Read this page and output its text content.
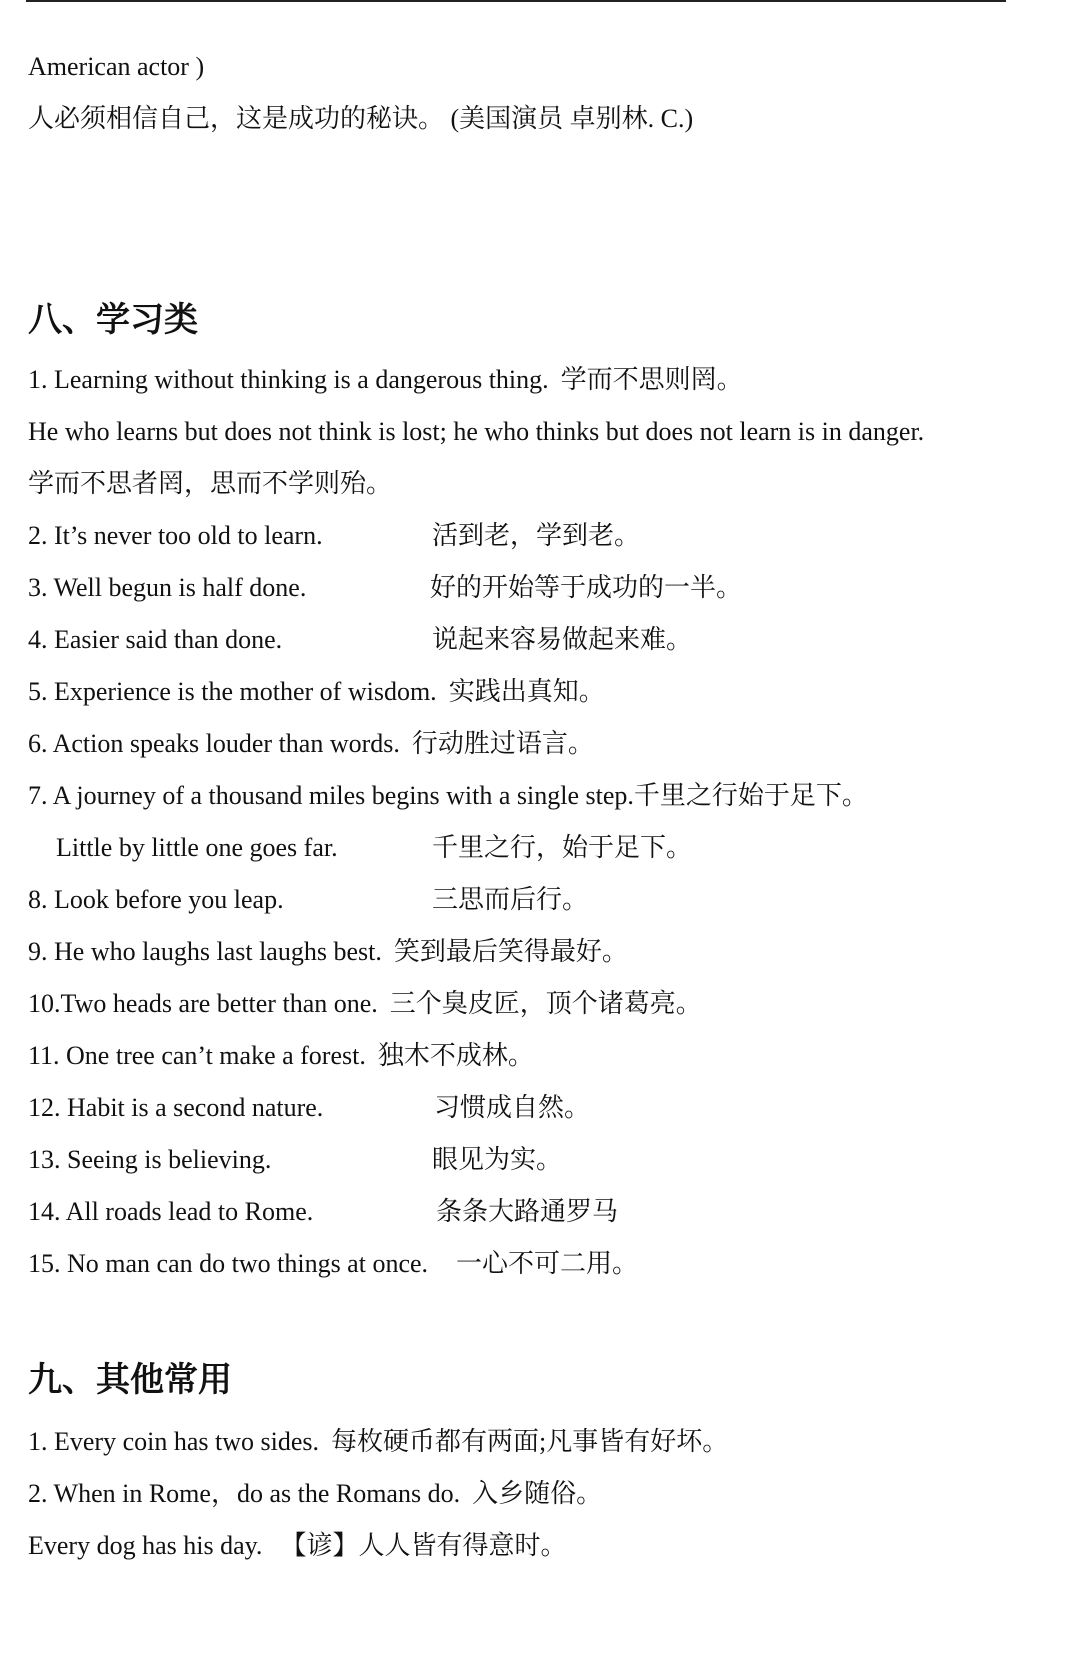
American actor )
人必须相信自己，这是成功的秘诀。 (美国演员 卓别林. C.)
八、学习类
1. Learning without thinking is a dangerous thing. 学而不思则罔。
He who learns but does not think is lost; he who thinks but does not learn is in danger.
学而不思者罔，思而不学则殆。
2. It’s never too old to learn.	活到老，学到老。
3. Well begun is half done.	好的开始等于成功的一半。
4. Easier said than done.	说起来容易做起来难。
5. Experience is the mother of wisdom. 实践出真知。
6. Action speaks louder than words. 行动胜过语言。
7. A journey of a thousand miles begins with a single step.千里之行始于足下。
Little by little one goes far.	千里之行，始于足下。
8. Look before you leap.	三思而后行。
9. He who laughs last laughs best. 笑到最后笑得最好。
10.Two heads are better than one. 三个臭皮匠，顶个诸葛亮。
11. One tree can’t make a forest. 独木不成林。
12. Habit is a second nature.	习惯成自然。
13. Seeing is believing.	眼见为实。
14. All roads lead to Rome.	条条大路通罗马
15. No man can do two things at once. 一心不可二用。
九、其他常用
1. Every coin has two sides. 每枚硬币都有两面;凡事皆有好坏。
2. When in Rome，do as the Romans do. 入乡随俗。
Every dog has his day. 【谚】人人皆有得意时。
